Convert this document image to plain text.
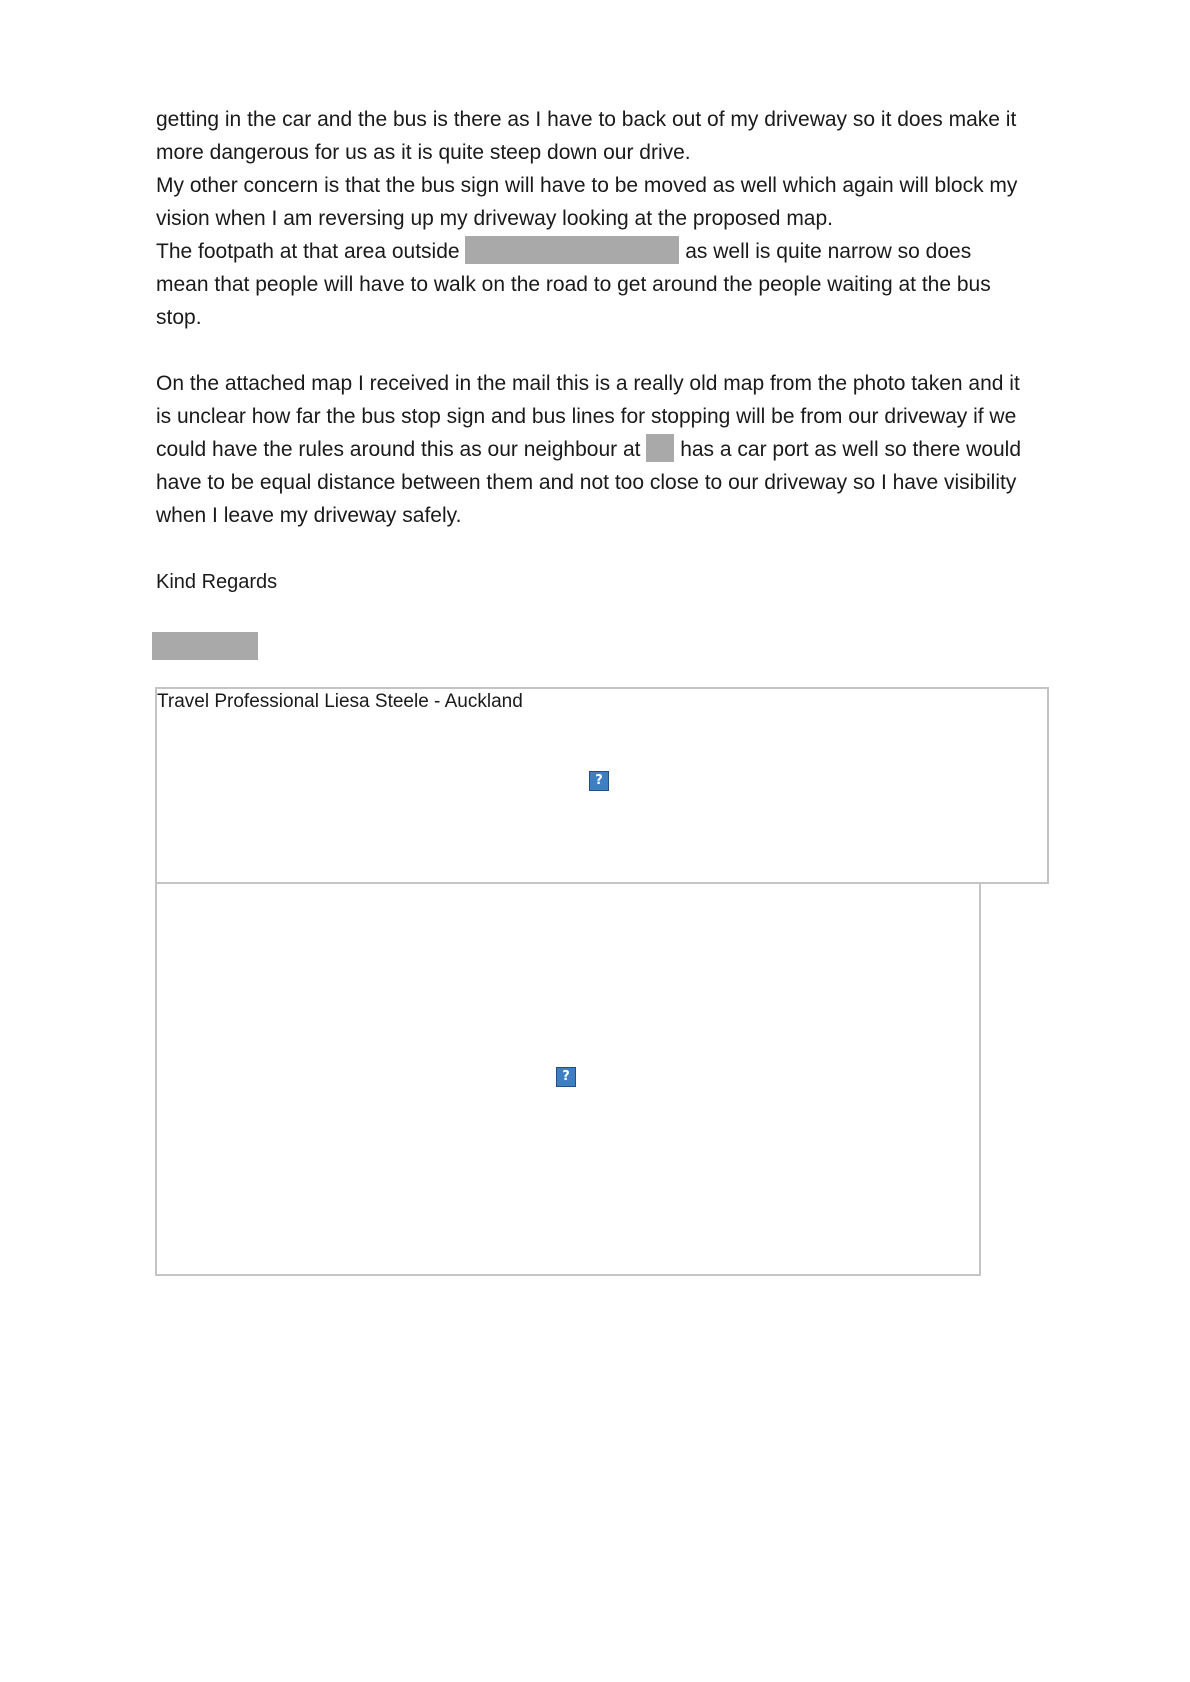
getting in the car and the bus is there as I have to back out of my driveway so it does make it
more dangerous for us as it is quite steep down our drive.
My other concern is that the bus sign will have to be moved as well which again will block my
vision when I am reversing up my driveway looking at the proposed map.
The footpath at that area outside	as well is quite narrow so does
mean that people will have to walk on the road to get around the people waiting at the bus
stop.
On the attached map I received in the mail this is a really old map from the photo taken and it
is unclear how far the bus stop sign and bus lines for stopping will be from our driveway if we
could have the rules around this as our neighbour at has a car port as well so there would
have to be equal distance between them and not too close to our driveway so I have visibility
when I leave my driveway safely.
Kind Regards
Travel Professional Liesa Steele - Auckland
?
?
